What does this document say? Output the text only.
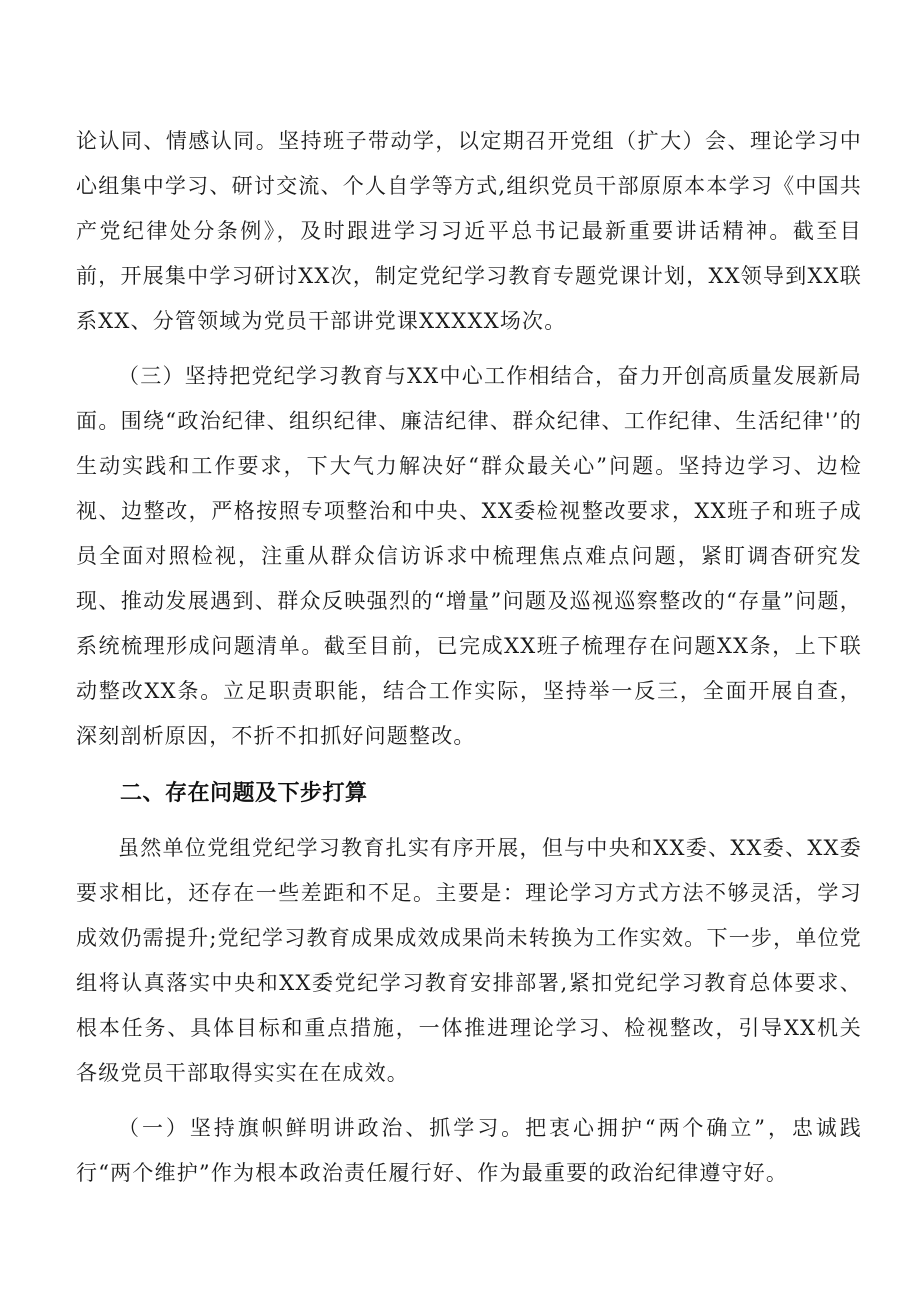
论认同、情感认同。坚持班子带动学，以定期召开党组（扩大）会、理论学习中心组集中学习、研讨交流、个人自学等方式,组织党员干部原原本本学习《中国共产党纪律处分条例》，及时跟进学习习近平总书记最新重要讲话精神。截至目前，开展集中学习研讨XX次，制定党纪学习教育专题党课计划，XX领导到XX联系XX、分管领域为党员干部讲党课XXXXX场次。

（三）坚持把党纪学习教育与XX中心工作相结合，奋力开创高质量发展新局面。围绕“政治纪律、组织纪律、廉洁纪律、群众纪律、工作纪律、生活纪律'’的生动实践和工作要求，下大气力解决好“群众最关心”问题。坚持边学习、边检视、边整改，严格按照专项整治和中央、XX委检视整改要求，XX班子和班子成员全面对照检视，注重从群众信访诉求中梳理焦点难点问题，紧盯调杳研究发现、推动发展遇到、群众反映强烈的“增量”问题及巡视巡察整改的“存量”问题，系统梳理形成问题清单。截至目前，已完成XX班子梳理存在问题XX条，上下联动整改XX条。立足职责职能，结合工作实际，坚持举一反三，全面开展自查，深刻剖析原因，不折不扣抓好问题整改。

二、存在问题及下步打算

虽然单位党组党纪学习教育扎实有序开展，但与中央和XX委、XX委、XX委要求相比，还存在一些差距和不足。主要是：理论学习方式方法不够灵活，学习成效仍需提升;党纪学习教育成果成效成果尚未转换为工作实效。下一步，单位党组将认真落实中央和XX委党纪学习教育安排部署,紧扣党纪学习教育总体要求、根本任务、具体目标和重点措施，一体推进理论学习、检视整改，引导XX机关各级党员干部取得实实在在成效。

（一）坚持旗帜鲜明讲政治、抓学习。把衷心拥护“两个确立”，忠诚践行“两个维护”作为根本政治责任履行好、作为最重要的政治纪律遵守好。
